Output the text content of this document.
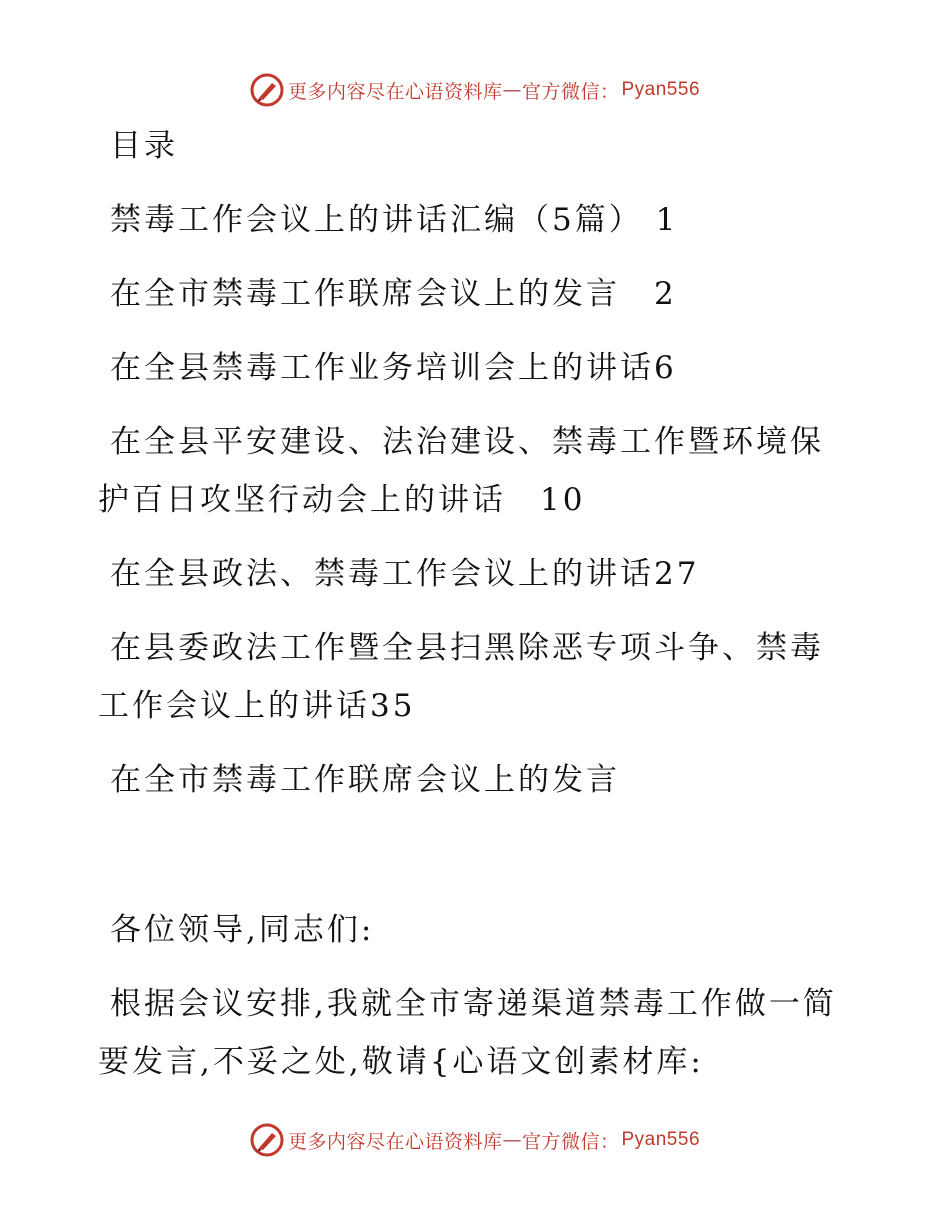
更多内容尽在心语资料库 — 官方微信： Pyan556
目录
禁毒工作会议上的讲话汇编（5篇） 1
在全市禁毒工作联席会议上的发言　2
在全县禁毒工作业务培训会上的讲话6
在全县平安建设、法治建设、禁毒工作暨环境保
护百日攻坚行动会上的讲话　10
在全县政法、禁毒工作会议上的讲话27
在县委政法工作暨全县扫黑除恶专项斗争、禁毒
工作会议上的讲话35
在全市禁毒工作联席会议上的发言
各位领导,同志们:
根据会议安排,我就全市寄递渠道禁毒工作做一简
要发言,不妥之处,敬请{心语文创素材库:
更多内容尽在心语资料库 — 官方微信： Pyan556
